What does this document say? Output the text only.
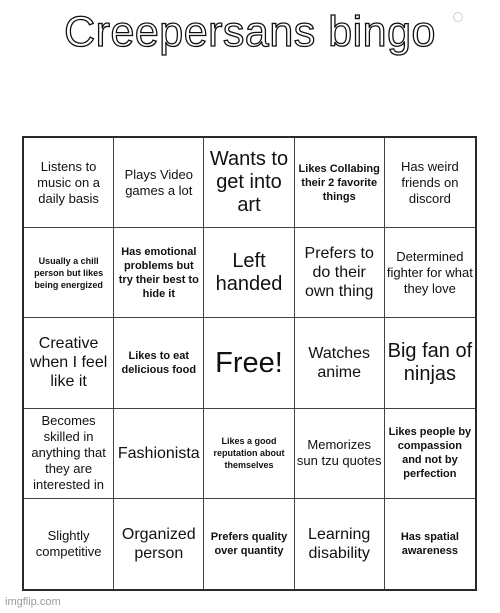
Creepersans bingo
Listens to music on a daily basis
Plays Video games a lot
Wants to get into art
Likes Collabing their 2 favorite things
Has weird friends on discord
Usually a chill person but likes being energized
Has emotional problems but try their best to hide it
Left handed
Prefers to do their own thing
Determined fighter for what they love
Creative when I feel like it
Likes to eat delicious food Free!	Watches anime
Big fan of ninjas
Becomes skilled in anything that they are interested in
Fashionista
Likes a good reputation about themselves
Memorizes sun tzu quotes
Likes people by compassion and not by perfection
Slightly competitive
Organized person
Prefers quality over quantity
Learning disability
Has spatial awareness
imgflip.com
